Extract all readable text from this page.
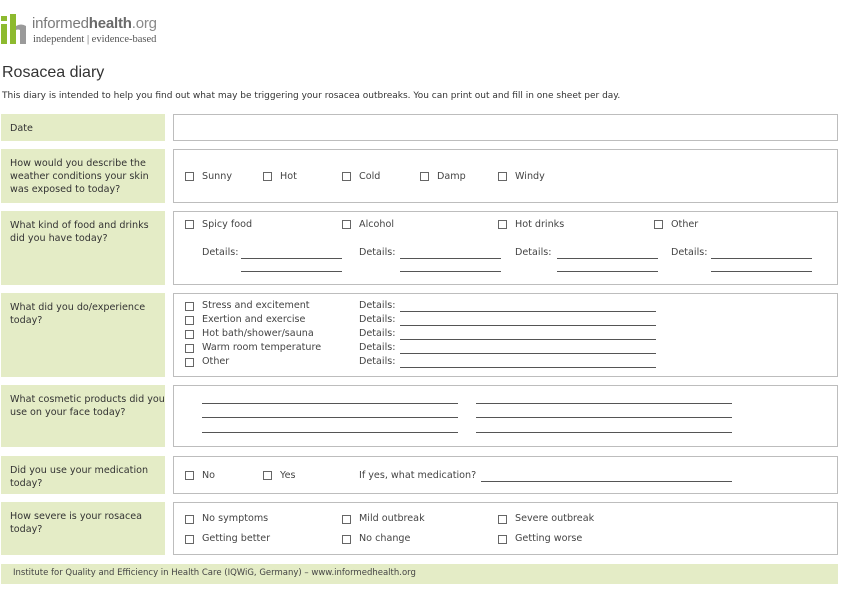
informedhealth.org
independent | evidence-based
Rosacea diary
This diary is intended to help you find out what may be triggering your rosacea outbreaks. You can print out and fill in one sheet per day.
Date
How would you describe the weather conditions your skin was exposed to today?
Sunny	Hot	Cold	Damp	Windy
What kind of food and drinks did you have today?
Spicy food	Alcohol	Hot drinks	Other
Details:	Details:	Details:	Details:
What did you do/experience today?
Stress and excitement	Details:
Exertion and exercise	Details:
Hot bath/shower/sauna	Details:
Warm room temperature	Details:
Other	Details:
What cosmetic products did you use on your face today?
Did you use your medication today?
No	Yes	If yes, what medication?
How severe is your rosacea today?
No symptoms	Mild outbreak	Severe outbreak
Getting better	No change	Getting worse
Institute for Quality and Efficiency in Health Care (IQWiG, Germany) – www.informedhealth.org
